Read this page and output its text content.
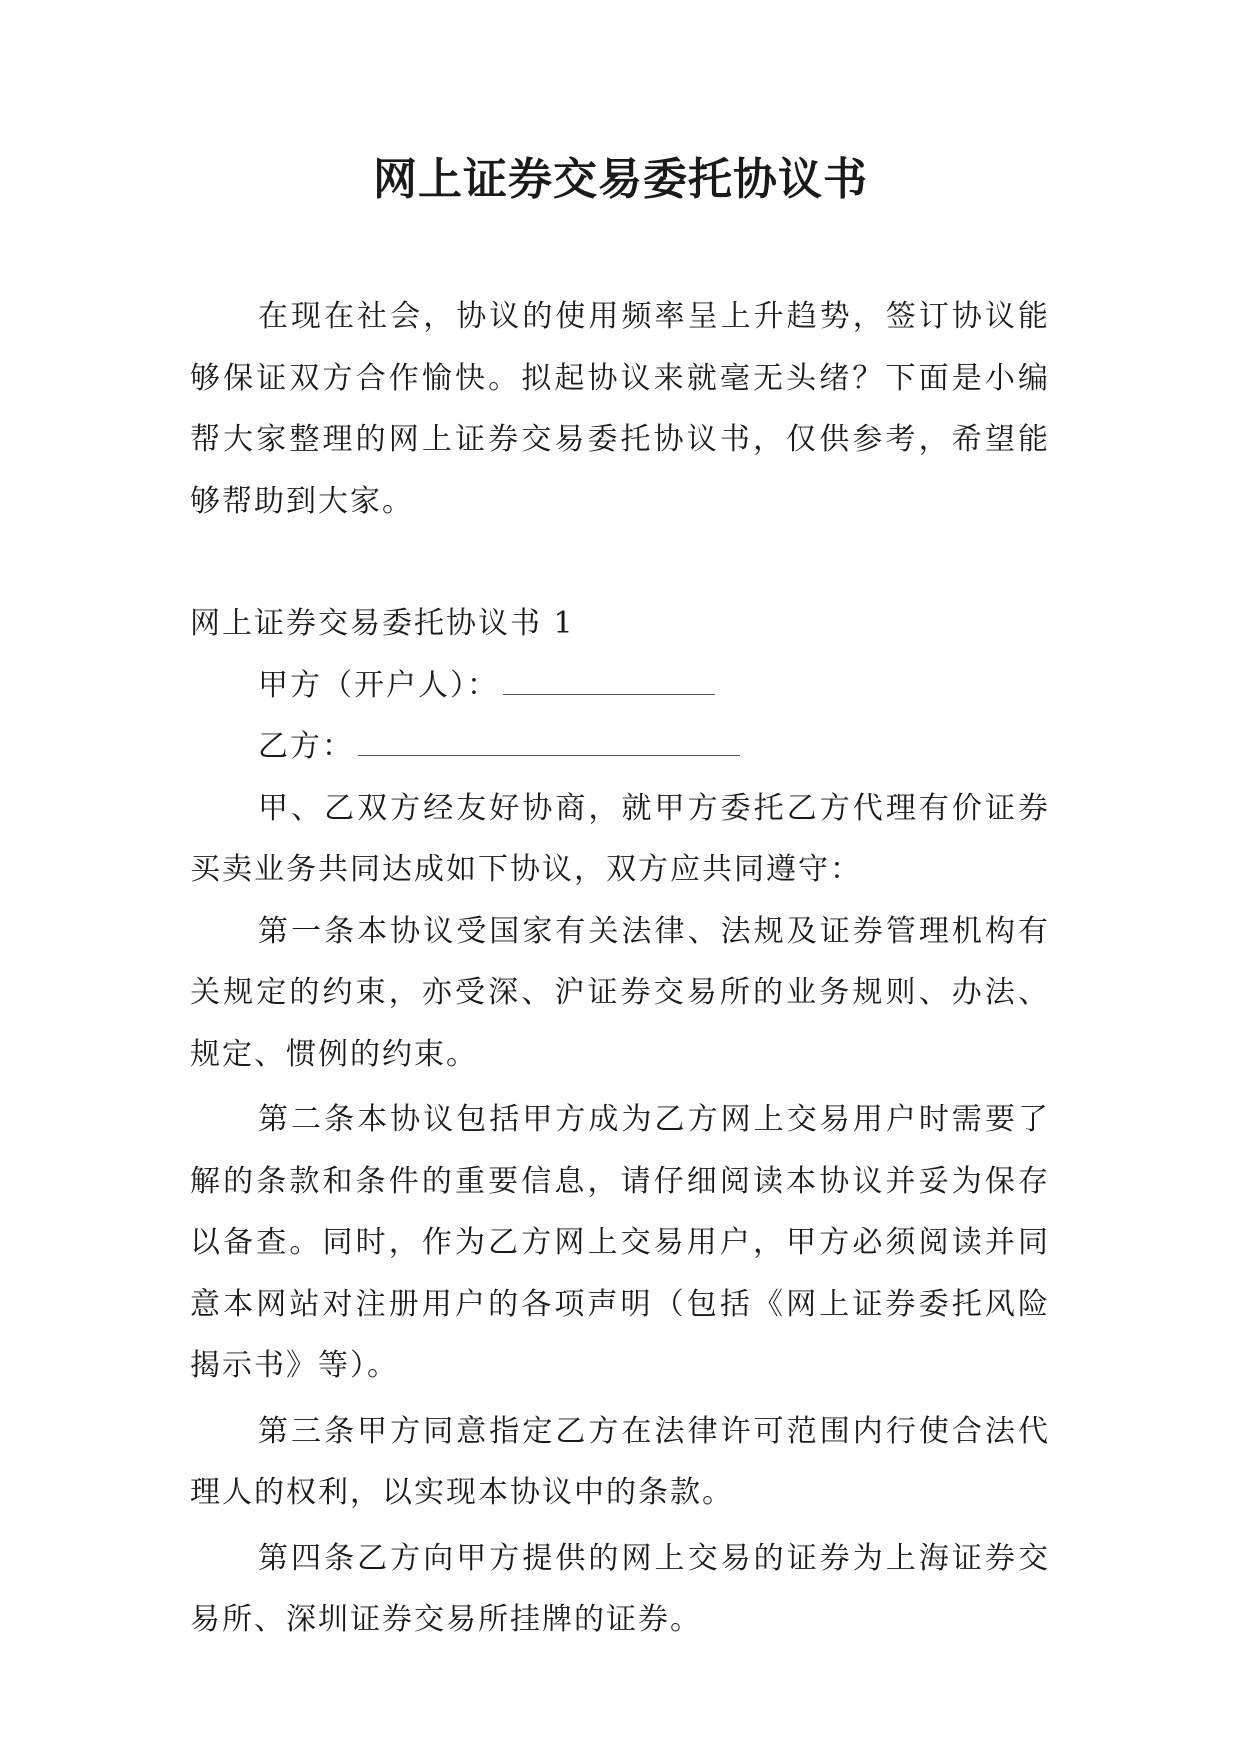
网上证券交易委托协议书

在现在社会，协议的使用频率呈上升趋势，签订协议能够保证双方合作愉快。拟起协议来就毫无头绪？下面是小编帮大家整理的网上证券交易委托协议书，仅供参考，希望能够帮助到大家。

网上证券交易委托协议书 1

甲方（开户人）：

乙方：

甲、乙双方经友好协商，就甲方委托乙方代理有价证券买卖业务共同达成如下协议，双方应共同遵守：

第一条本协议受国家有关法律、法规及证券管理机构有关规定的约束，亦受深、沪证券交易所的业务规则、办法、规定、惯例的约束。

第二条本协议包括甲方成为乙方网上交易用户时需要了解的条款和条件的重要信息，请仔细阅读本协议并妥为保存以备查。同时，作为乙方网上交易用户，甲方必须阅读并同意本网站对注册用户的各项声明（包括《网上证券委托风险揭示书》等）。

第三条甲方同意指定乙方在法律许可范围内行使合法代理人的权利，以实现本协议中的条款。

第四条乙方向甲方提供的网上交易的证券为上海证券交易所、深圳证券交易所挂牌的证券。
